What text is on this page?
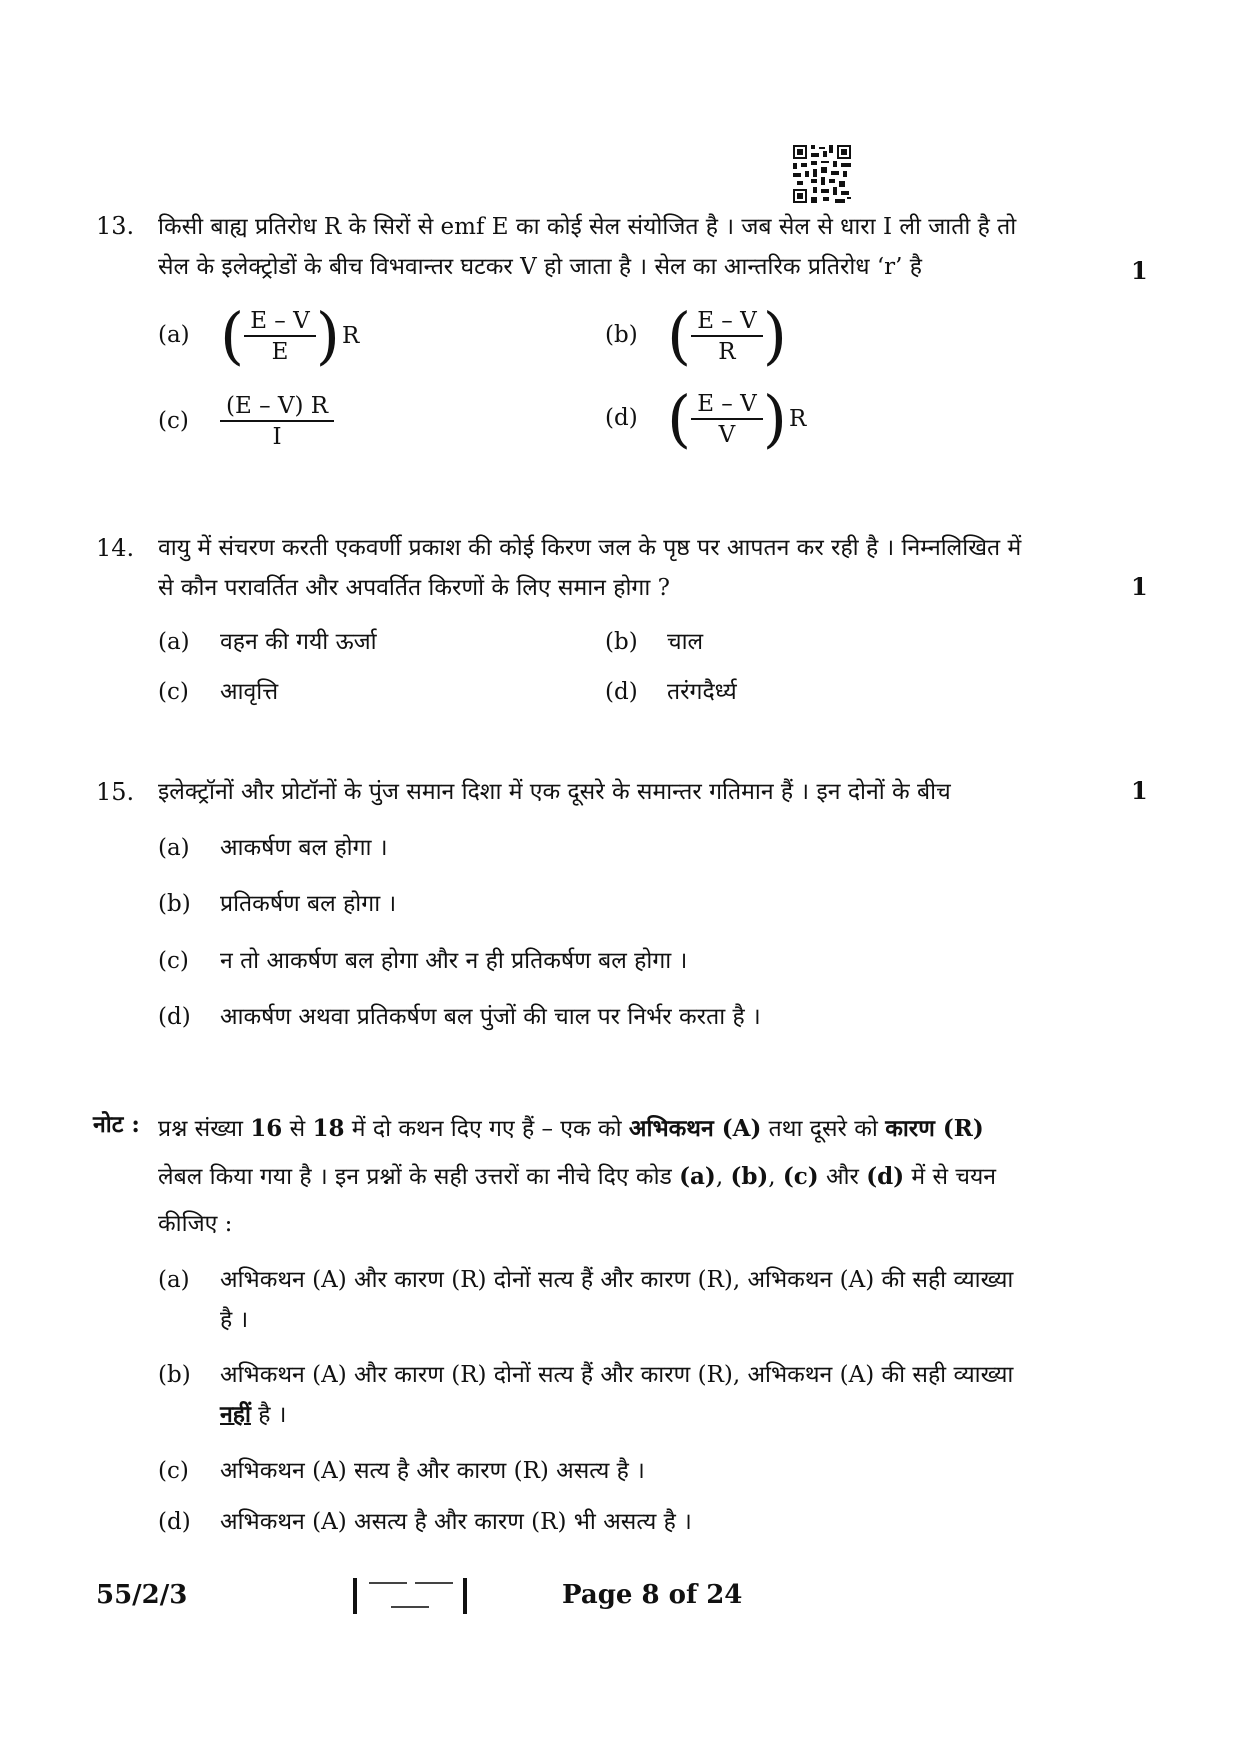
13. किसी बाह्य प्रतिरोध R के सिरों से emf E का कोई सेल संयोजित है । जब सेल से धारा I ली जाती है तो
सेल के इलेक्ट्रोडों के बीच विभवान्तर घटकर V हो जाता है । सेल का आन्तरिक प्रतिरोध ‘r’ है	1
(a) ( $\frac{E - V}{E} )R$	(b) ( $\frac{E - V}{R}$ )
$(c) \frac{(E - V) R}{I}$	(d) ( $\frac{E - V}{V} )R$
14. वायु में संचरण करती एकवर्णी प्रकाश की कोई किरण जल के पृष्ठ पर आपतन कर रही है । निम्नलिखित में
से कौन परावर्तित और अपवर्तित किरणों के लिए समान होगा ?	1
(a) वहन की गयी ऊर्जा	(b) चाल
(c) आवृत्ति	(d) तरंगदैर्ध्य
15. इलेक्ट्रॉनों और प्रोटॉनों के पुंज समान दिशा में एक दूसरे के समान्तर गतिमान हैं । इन दोनों के बीच	1
(a) आकर्षण बल होगा ।
(b) प्रतिकर्षण बल होगा ।
(c) न तो आकर्षण बल होगा और न ही प्रतिकर्षण बल होगा ।
(d) आकर्षण अथवा प्रतिकर्षण बल पुंजों की चाल पर निर्भर करता है ।
नोट : प्रश्न संख्या 16 से 18 में दो कथन दिए गए हैं – एक को अभिकथन (A) तथा दूसरे को कारण (R)
लेबल किया गया है । इन प्रश्नों के सही उत्तरों का नीचे दिए कोड (a), (b), (c) और (d) में से चयन
कीजिए :
(a) अभिकथन (A) और कारण (R) दोनों सत्य हैं और कारण (R), अभिकथन (A) की सही व्याख्या
है ।
(b) अभिकथन (A) और कारण (R) दोनों सत्य हैं और कारण (R), अभिकथन (A) की सही व्याख्या
नहीं है ।
(c) अभिकथन (A) सत्य है और कारण (R) असत्य है ।
(d) अभिकथन (A) असत्य है और कारण (R) भी असत्य है ।
55/2/3	Page 8 of 24
